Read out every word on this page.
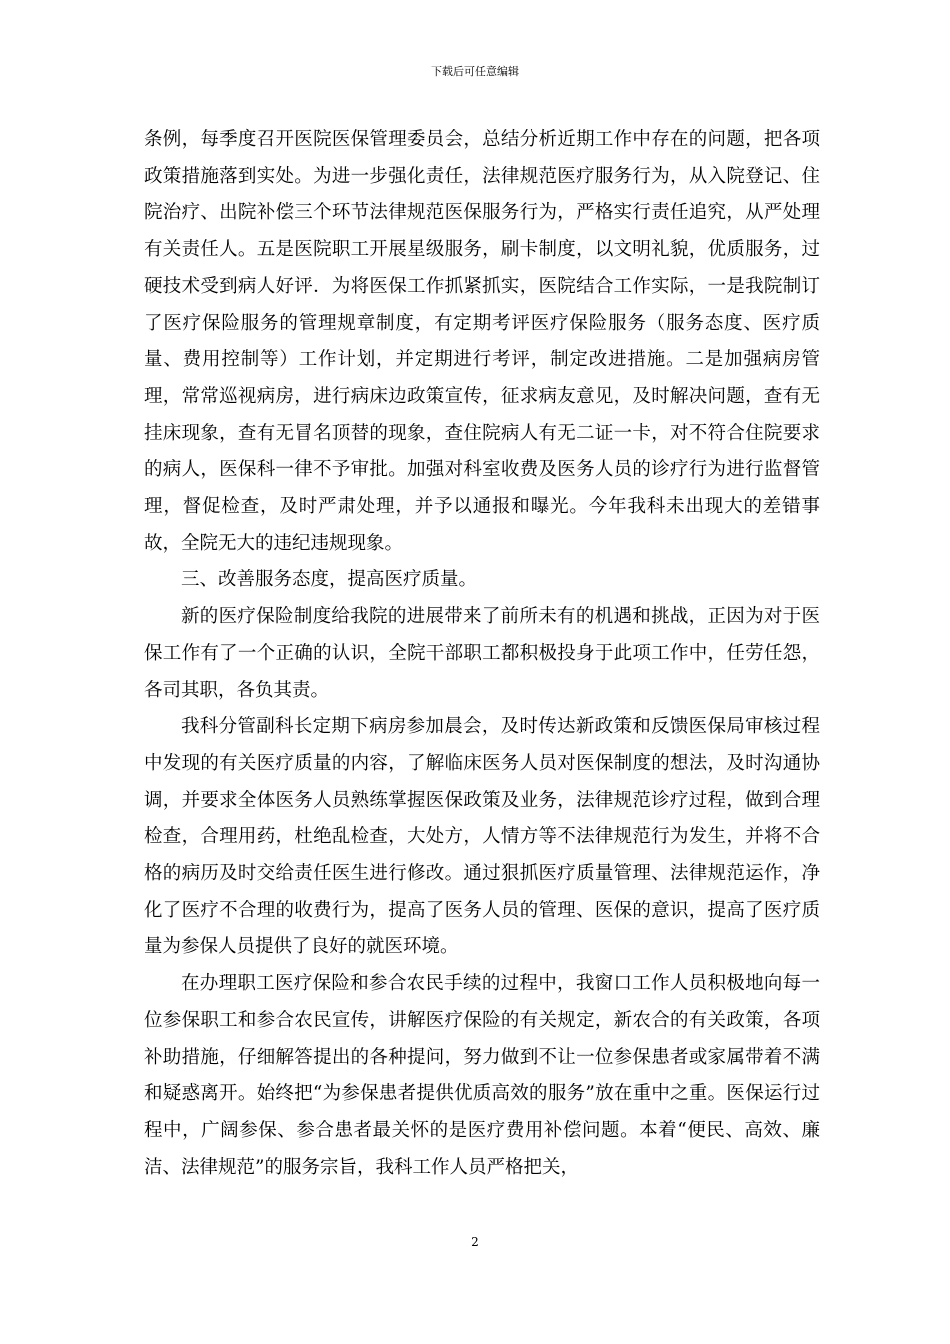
下载后可任意编辑

条例，每季度召开医院医保管理委员会，总结分析近期工作中存在的问题，把各项政策措施落到实处。为进一步强化责任，法律规范医疗服务行为，从入院登记、住院治疗、出院补偿三个环节法律规范医保服务行为，严格实行责任追究，从严处理有关责任人。五是医院职工开展星级服务，刷卡制度，以文明礼貌，优质服务，过硬技术受到病人好评．为将医保工作抓紧抓实，医院结合工作实际，一是我院制订了医疗保险服务的管理规章制度，有定期考评医疗保险服务（服务态度、医疗质量、费用控制等）工作计划，并定期进行考评，制定改进措施。二是加强病房管理，常常巡视病房，进行病床边政策宣传，征求病友意见，及时解决问题，查有无挂床现象，查有无冒名顶替的现象，查住院病人有无二证一卡，对不符合住院要求的病人，医保科一律不予审批。加强对科室收费及医务人员的诊疗行为进行监督管理，督促检查，及时严肃处理，并予以通报和曝光。今年我科未出现大的差错事故，全院无大的违纪违规现象。

三、改善服务态度，提高医疗质量。

新的医疗保险制度给我院的进展带来了前所未有的机遇和挑战，正因为对于医保工作有了一个正确的认识，全院干部职工都积极投身于此项工作中，任劳任怨，各司其职，各负其责。

我科分管副科长定期下病房参加晨会，及时传达新政策和反馈医保局审核过程中发现的有关医疗质量的内容，了解临床医务人员对医保制度的想法，及时沟通协调，并要求全体医务人员熟练掌握医保政策及业务，法律规范诊疗过程，做到合理检查，合理用药，杜绝乱检查，大处方，人情方等不法律规范行为发生，并将不合格的病历及时交给责任医生进行修改。通过狠抓医疗质量管理、法律规范运作，净化了医疗不合理的收费行为，提高了医务人员的管理、医保的意识，提高了医疗质量为参保人员提供了良好的就医环境。

在办理职工医疗保险和参合农民手续的过程中，我窗口工作人员积极地向每一位参保职工和参合农民宣传，讲解医疗保险的有关规定，新农合的有关政策，各项补助措施，仔细解答提出的各种提问，努力做到不让一位参保患者或家属带着不满和疑惑离开。始终把“为参保患者提供优质高效的服务”放在重中之重。医保运行过程中，广阔参保、参合患者最关怀的是医疗费用补偿问题。本着“便民、高效、廉洁、法律规范”的服务宗旨，我科工作人员严格把关，

2
